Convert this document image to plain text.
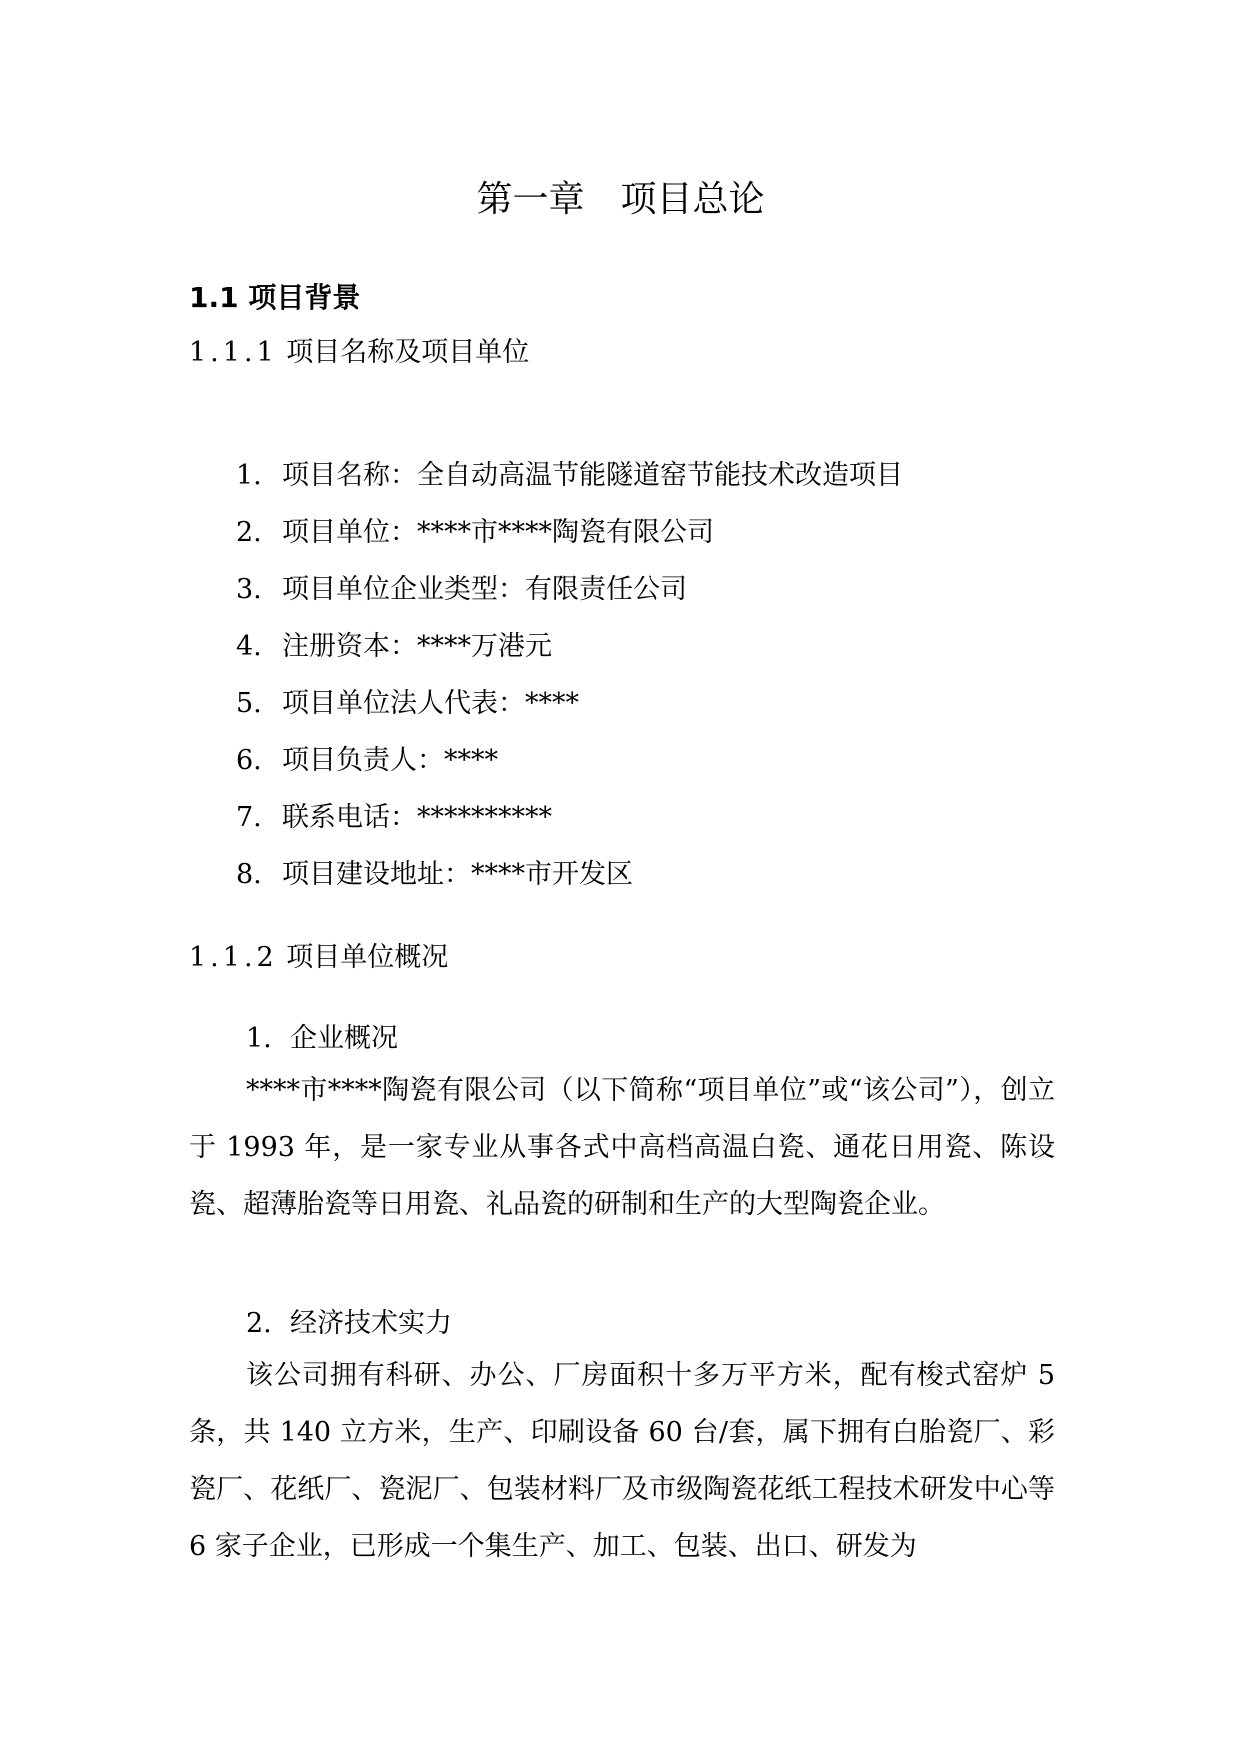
第一章　项目总论
1.1 项目背景
1.1.1 项目名称及项目单位
1. 项目名称：全自动高温节能隧道窑节能技术改造项目
2. 项目单位：****市****陶瓷有限公司
3. 项目单位企业类型：有限责任公司
4. 注册资本：****万港元
5. 项目单位法人代表：****
6. 项目负责人：****
7. 联系电话：**********
8. 项目建设地址：****市开发区
1.1.2 项目单位概况
1. 企业概况

****市****陶瓷有限公司（以下简称“项目单位”或“该公司”），创立于 1993 年，是一家专业从事各式中高档高温白瓷、通花日用瓷、陈设瓷、超薄胎瓷等日用瓷、礼品瓷的研制和生产的大型陶瓷企业。

2. 经济技术实力

该公司拥有科研、办公、厂房面积十多万平方米，配有梭式窑炉 5 条，共 140 立方米，生产、印刷设备 60 台/套，属下拥有白胎瓷厂、彩瓷厂、花纸厂、瓷泥厂、包装材料厂及市级陶瓷花纸工程技术研发中心等 6 家子企业，已形成一个集生产、加工、包装、出口、研发为
